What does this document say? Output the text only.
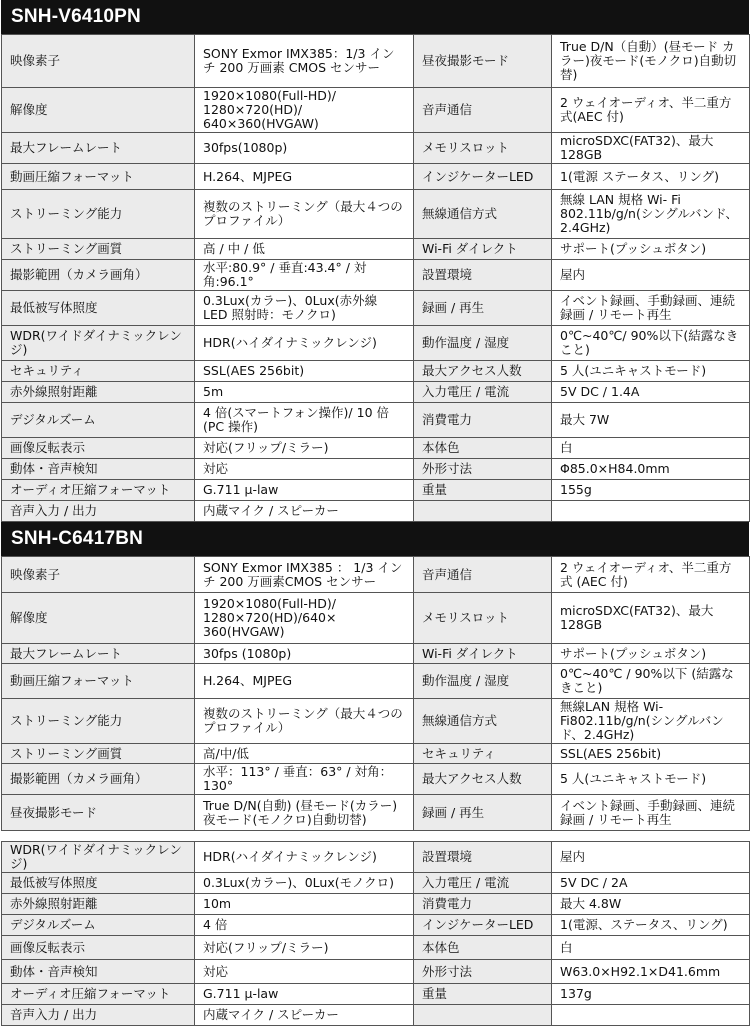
SNH-V6410PN
映像素子	SONY Exmor IMX385：1/3 インチ 200 万画素 CMOS センサー	昼夜撮影モード	True D/N（自動）(昼モード カラー)夜モード(モノクロ)自動切替)
解像度	1920×1080(Full-HD)/ 1280×720(HD)/ 640×360(HVGAW)	音声通信	2 ウェイオーディオ、半二重方式(AEC 付)
最大フレームレート	30fps(1080p)	メモリスロット	microSDXC(FAT32)、最大 128GB
動画圧縮フォーマット	H.264、MJPEG	インジケーターLED	1(電源 ステータス、リング)
ストリーミング能力	複数のストリーミング（最大４つのプロファイル）	無線通信方式	無線 LAN 規格 Wi- Fi 802.11b/g/n(シングルバンド、2.4GHz)
ストリーミング画質	高 / 中 / 低	Wi-Fi ダイレクト	サポート(プッシュボタン)
撮影範囲（カメラ画角）	水平:80.9° / 垂直:43.4° / 対角:96.1°	設置環境	屋内
最低被写体照度	0.3Lux(カラー)、0Lux(赤外線 LED 照射時：モノクロ)	録画 / 再生	イベント録画、手動録画、連続録画 / リモート再生
WDR(ワイドダイナミックレンジ)	HDR(ハイダイナミックレンジ)	動作温度 / 湿度	0℃~40℃/ 90%以下(結露なきこと)
セキュリティ	SSL(AES 256bit)	最大アクセス人数	5 人(ユニキャストモード)
赤外線照射距離	5m	入力電圧 / 電流	5V DC / 1.4A
デジタルズーム	4 倍(スマートフォン操作)/ 10 倍(PC 操作)	消費電力	最大 7W
画像反転表示	対応(フリップ/ミラー)	本体色	白
動体・音声検知	対応	外形寸法	Φ85.0×H84.0mm
オーディオ圧縮フォーマット	G.711 μ-law	重量	155g
音声入力 / 出力	内蔵マイク / スピーカー		
SNH-C6417BN
映像素子	SONY Exmor IMX385 ： 1/3 インチ 200 万画素CMOS センサー	音声通信	2 ウェイオーディオ、半二重方式 (AEC 付)
解像度	1920×1080(Full-HD)/ 1280×720(HD)/640× 360(HVGAW)	メモリスロット	microSDXC(FAT32)、最大 128GB
最大フレームレート	30fps (1080p)	Wi-Fi ダイレクト	サポート(プッシュボタン)
動画圧縮フォーマット	H.264、MJPEG	動作温度 / 湿度	0℃~40℃ / 90%以下 (結露なきこと)
ストリーミング能力	複数のストリーミング（最大４つのプロファイル）	無線通信方式	無線LAN 規格 Wi-Fi802.11b/g/n(シングルバンド、2.4GHz)
ストリーミング画質	高/中/低	セキュリティ	SSL(AES 256bit)
撮影範囲（カメラ画角）	水平：113° / 垂直：63° / 対角：130°	最大アクセス人数	5 人(ユニキャストモード)
昼夜撮影モード	True D/N(自動) (昼モード(カラー) 夜モード(モノクロ)自動切替)	録画 / 再生	イベント録画、手動録画、連続録画 / リモート再生

WDR(ワイドダイナミックレンジ)	HDR(ハイダイナミックレンジ)	設置環境	屋内
最低被写体照度	0.3Lux(カラー)、0Lux(モノクロ)	入力電圧 / 電流	5V DC / 2A
赤外線照射距離	10m	消費電力	最大 4.8W
デジタルズーム	4 倍	インジケーターLED	1(電源、ステータス、リング)
画像反転表示	対応(フリップ/ミラー)	本体色	白
動体・音声検知	対応	外形寸法	W63.0×H92.1×D41.6mm
オーディオ圧縮フォーマット	G.711 μ-law	重量	137g
音声入力 / 出力	内蔵マイク / スピーカー		
